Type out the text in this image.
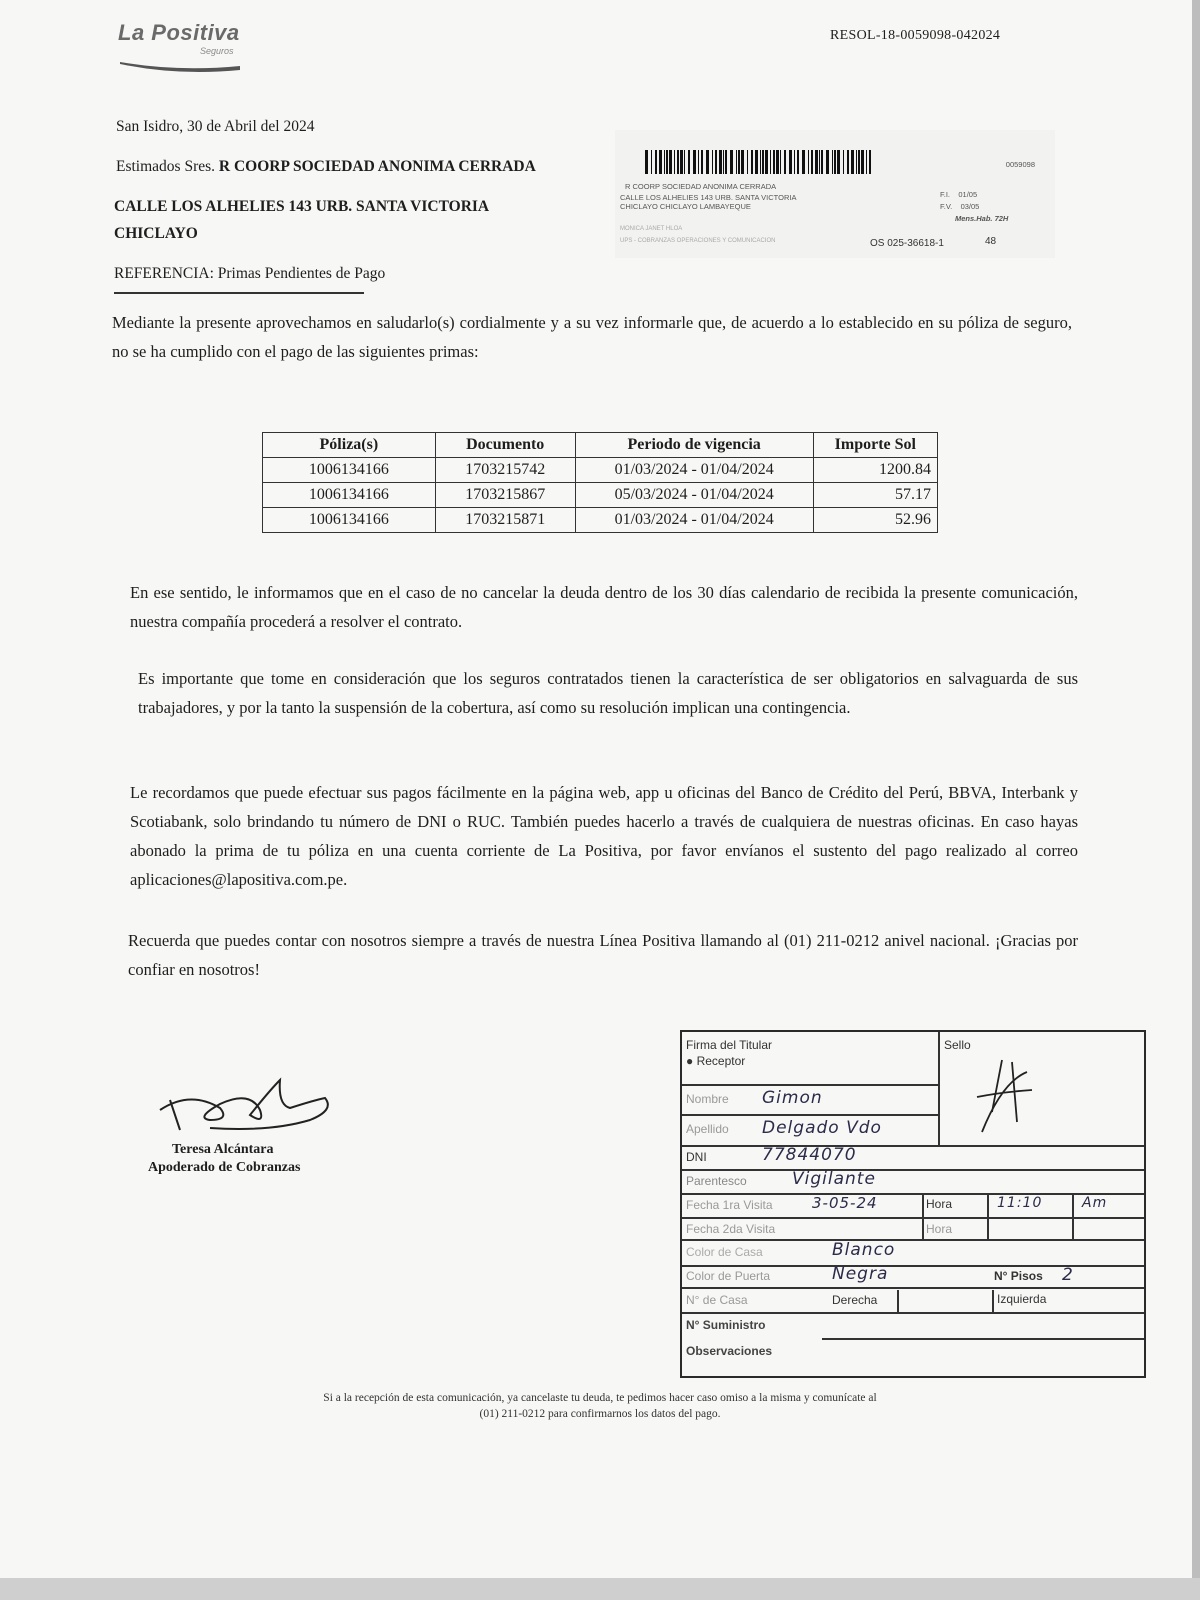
La Positiva
Seguros
RESOL-18-0059098-042024
San Isidro, 30 de Abril del 2024
Estimados Sres. R COORP SOCIEDAD ANONIMA CERRADA
CALLE LOS ALHELIES 143 URB. SANTA VICTORIA
CHICLAYO
REFERENCIA: Primas Pendientes de Pago
0059098
R COORP SOCIEDAD ANONIMA CERRADA
CALLE LOS ALHELIES 143 URB. SANTA VICTORIA
CHICLAYO CHICLAYO LAMBAYEQUE
MONICA JANET HLOA
UPS - COBRANZAS OPERACIONES Y COMUNICACION
F.I. 01/05
F.V. 03/05
Mens.Hab. 72H
OS 025-36618-1	48
Mediante la presente aprovechamos en saludarlo(s) cordialmente y a su vez informarle que, de acuerdo a lo establecido en su póliza de seguro, no se ha cumplido con el pago de las siguientes primas:
Póliza(s)	Documento	Periodo de vigencia	Importe Sol
1006134166	1703215742	01/03/2024 - 01/04/2024	1200.84
1006134166	1703215867	05/03/2024 - 01/04/2024	57.17
1006134166	1703215871	01/03/2024 - 01/04/2024	52.96
En ese sentido, le informamos que en el caso de no cancelar la deuda dentro de los 30 días calendario de recibida la presente comunicación, nuestra compañía procederá a resolver el contrato.
Es importante que tome en consideración que los seguros contratados tienen la característica de ser obligatorios en salvaguarda de sus trabajadores, y por la tanto la suspensión de la cobertura, así como su resolución implican una contingencia.
Le recordamos que puede efectuar sus pagos fácilmente en la página web, app u oficinas del Banco de Crédito del Perú, BBVA, Interbank y Scotiabank, solo brindando tu número de DNI o RUC. También puedes hacerlo a través de cualquiera de nuestras oficinas. En caso hayas abonado la prima de tu póliza en una cuenta corriente de La Positiva, por favor envíanos el sustento del pago realizado al correo aplicaciones@lapositiva.com.pe.
Recuerda que puedes contar con nosotros siempre a través de nuestra Línea Positiva llamando al (01) 211-0212 anivel nacional. ¡Gracias por confiar en nosotros!
Teresa Alcántara
Apoderado de Cobranzas
Firma del Titular
● Receptor
Sello
Nombre Gimon
Apellido Delgado Vdo
DNI	77844070
Parentesco	Vigilante
Fecha 1ra Visita	3-05-24	Hora	11:10	Am
Fecha 2da Visita	Hora
Color de Casa	Blanco
Color de Puerta	Negra	N° Pisos 2
N° de Casa	Derecha	Izquierda
N° Suministro
Observaciones
Si a la recepción de esta comunicación, ya cancelaste tu deuda, te pedimos hacer caso omiso a la misma y comunícate al
(01) 211-0212 para confirmarnos los datos del pago.
